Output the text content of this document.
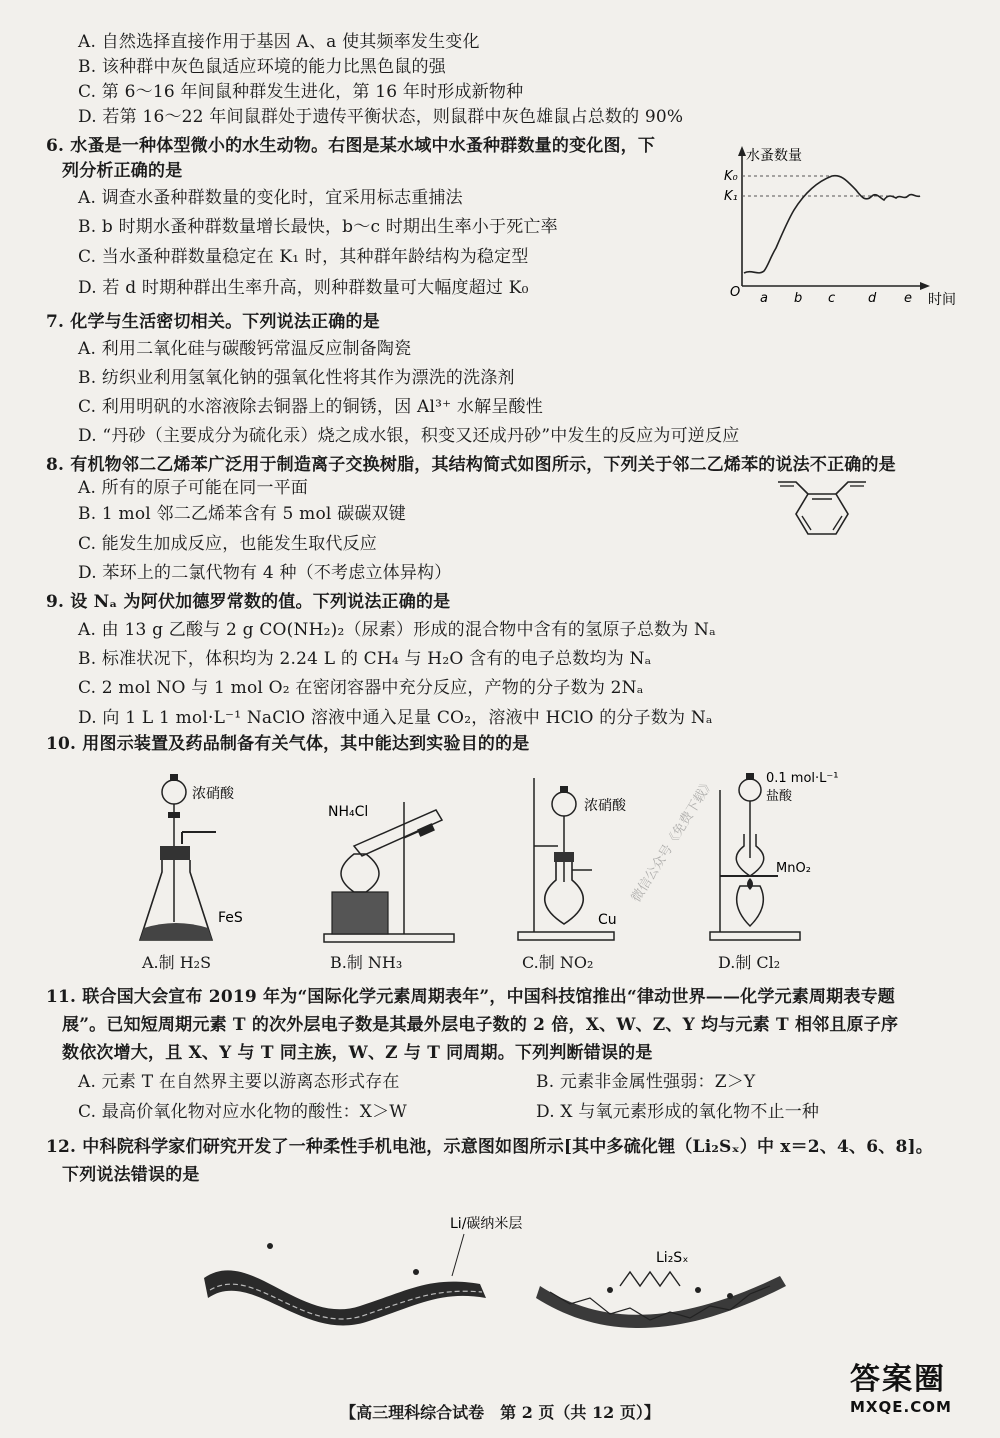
A. 自然选择直接作用于基因 A、a 使其频率发生变化
B. 该种群中灰色鼠适应环境的能力比黑色鼠的强
C. 第 6～16 年间鼠种群发生进化，第 16 年时形成新物种
D. 若第 16～22 年间鼠群处于遗传平衡状态，则鼠群中灰色雄鼠占总数的 90%
6. 水蚤是一种体型微小的水生动物。右图是某水域中水蚤种群数量的变化图，下
列分析正确的是
A. 调查水蚤种群数量的变化时，宜采用标志重捕法
B. b 时期水蚤种群数量增长最快，b～c 时期出生率小于死亡率
C. 当水蚤种群数量稳定在 K₁ 时，其种群年龄结构为稳定型
D. 若 d 时期种群出生率升高，则种群数量可大幅度超过 K₀
水蚤数量
时间
O
K₀
K₁
a b c	d e
7. 化学与生活密切相关。下列说法正确的是
A. 利用二氧化硅与碳酸钙常温反应制备陶瓷
B. 纺织业利用氢氧化钠的强氧化性将其作为漂洗的洗涤剂
C. 利用明矾的水溶液除去铜器上的铜锈，因 Al³⁺ 水解呈酸性
D. “丹砂（主要成分为硫化汞）烧之成水银，积变又还成丹砂”中发生的反应为可逆反应
8. 有机物邻二乙烯苯广泛用于制造离子交换树脂，其结构简式如图所示，下列关于邻二乙烯苯的说法不正确的是
A. 所有的原子可能在同一平面
B. 1 mol 邻二乙烯苯含有 5 mol 碳碳双键
C. 能发生加成反应，也能发生取代反应
D. 苯环上的二氯代物有 4 种（不考虑立体异构）
9. 设 Nₐ 为阿伏加德罗常数的值。下列说法正确的是
A. 由 13 g 乙酸与 2 g CO(NH₂)₂（尿素）形成的混合物中含有的氢原子总数为 Nₐ
B. 标准状况下，体积均为 2.24 L 的 CH₄ 与 H₂O 含有的电子总数均为 Nₐ
C. 2 mol NO 与 1 mol O₂ 在密闭容器中充分反应，产物的分子数为 2Nₐ
D. 向 1 L 1 mol·L⁻¹ NaClO 溶液中通入足量 CO₂，溶液中 HClO 的分子数为 Nₐ
10. 用图示装置及药品制备有关气体，其中能达到实验目的的是
浓硝酸
FeS
A.制 H₂S
NH₄Cl
B.制 NH₃
浓硝酸
Cu
C.制 NO₂
0.1 mol·L⁻¹
盐酸
MnO₂
D.制 Cl₂
微信公众号《免费下载》
11. 联合国大会宣布 2019 年为“国际化学元素周期表年”，中国科技馆推出“律动世界——化学元素周期表专题
展”。已知短周期元素 T 的次外层电子数是其最外层电子数的 2 倍，X、W、Z、Y 均与元素 T 相邻且原子序
数依次增大，且 X、Y 与 T 同主族，W、Z 与 T 同周期。下列判断错误的是
A. 元素 T 在自然界主要以游离态形式存在	B. 元素非金属性强弱：Z＞Y
C. 最高价氧化物对应水化物的酸性：X＞W	D. X 与氧元素形成的氧化物不止一种
12. 中科院科学家们研究开发了一种柔性手机电池，示意图如图所示[其中多硫化锂（Li₂Sₓ）中 x＝2、4、6、8]。
下列说法错误的是
Li/碳纳米层
Li₂Sₓ
【高三理科综合试卷　第 2 页（共 12 页）】
答案圈
MXQE.COM
